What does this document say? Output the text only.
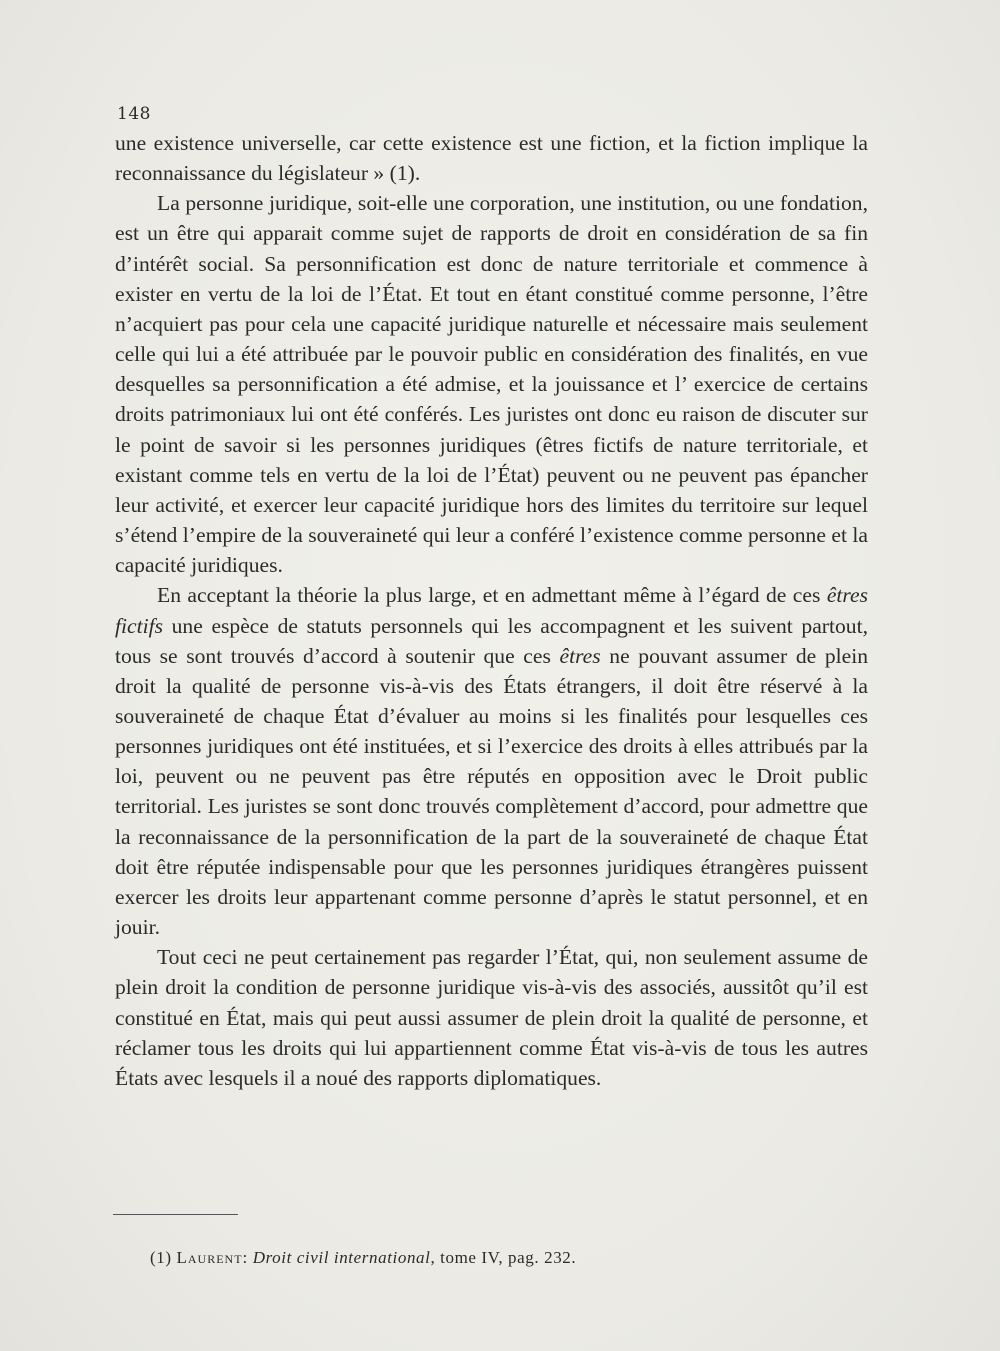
148

une existence universelle, car cette existence est une fiction, et la fiction implique la reconnaissance du législateur » (1).

La personne juridique, soit-elle une corporation, une institution, ou une fondation, est un être qui apparait comme sujet de rapports de droit en considération de sa fin d’intérêt social. Sa personnification est donc de nature territoriale et commence à exister en vertu de la loi de l’État. Et tout en étant constitué comme personne, l’être n’acquiert pas pour cela une capacité juridique naturelle et nécessaire mais seulement celle qui lui a été attribuée par le pouvoir public en considération des finalités, en vue desquelles sa personnification a été admise, et la jouissance et l’ exercice de certains droits patrimoniaux lui ont été conférés. Les juristes ont donc eu raison de discuter sur le point de savoir si les personnes juridiques (êtres fictifs de nature territoriale, et existant comme tels en vertu de la loi de l’État) peuvent ou ne peuvent pas épancher leur activité, et exercer leur capacité juridique hors des limites du territoire sur lequel s’étend l’empire de la souveraineté qui leur a conféré l’existence comme personne et la capacité juridiques.

En acceptant la théorie la plus large, et en admettant même à l’égard de ces êtres fictifs une espèce de statuts personnels qui les accompagnent et les suivent partout, tous se sont trouvés d’accord à soutenir que ces êtres ne pouvant assumer de plein droit la qualité de personne vis-à-vis des États étrangers, il doit être réservé à la souveraineté de chaque État d’évaluer au moins si les finalités pour lesquelles ces personnes juridiques ont été instituées, et si l’exercice des droits à elles attribués par la loi, peuvent ou ne peuvent pas être réputés en opposition avec le Droit public territorial. Les juristes se sont donc trouvés complètement d’accord, pour admettre que la reconnaissance de la personnification de la part de la souveraineté de chaque État doit être réputée indispensable pour que les personnes juridiques étrangères puissent exercer les droits leur appartenant comme personne d’après le statut personnel, et en jouir.

Tout ceci ne peut certainement pas regarder l’État, qui, non seulement assume de plein droit la condition de personne juridique vis-à-vis des associés, aussitôt qu’il est constitué en État, mais qui peut aussi assumer de plein droit la qualité de personne, et réclamer tous les droits qui lui appartiennent comme État vis-à-vis de tous les autres États avec lesquels il a noué des rapports diplomatiques.

(1) Laurent: Droit civil international, tome IV, pag. 232.
